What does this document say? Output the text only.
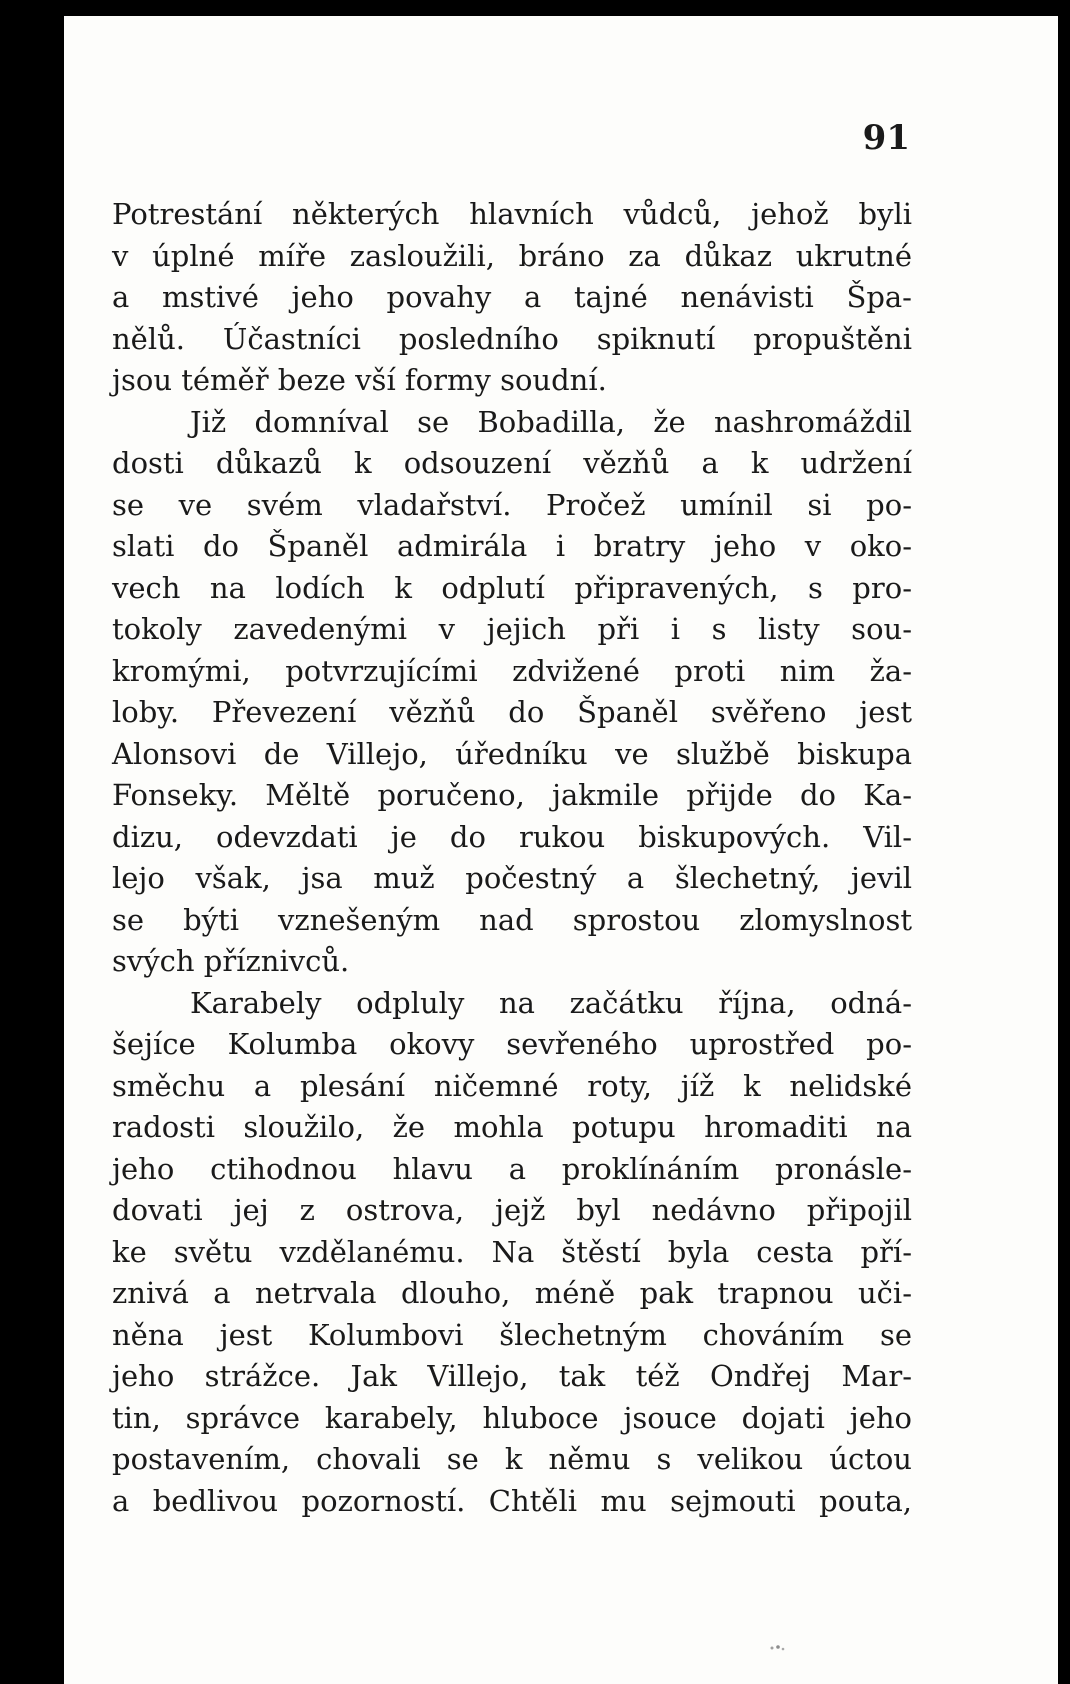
91
Potrestání některých hlavních vůdců, jehož byli
v úplné míře zasloužili, bráno za důkaz ukrutné
a mstivé jeho povahy a tajné nenávisti Špa-
nělů. Účastníci posledního spiknutí propuštěni
jsou téměř beze vší formy soudní.
Již domníval se Bobadilla, že nashromáždil
dosti důkazů k odsouzení vězňů a k udržení
se ve svém vladařství. Pročež umínil si po-
slati do Španěl admirála i bratry jeho v oko-
vech na lodích k odplutí připravených, s pro-
tokoly zavedenými v jejich při i s listy sou-
kromými, potvrzujícími zdvižené proti nim ža-
loby. Převezení vězňů do Španěl svěřeno jest
Alonsovi de Villejo, úředníku ve službě biskupa
Fonseky. Měltě poručeno, jakmile přijde do Ka-
dizu, odevzdati je do rukou biskupových. Vil-
lejo však, jsa muž počestný a šlechetný, jevil
se býti vznešeným nad sprostou zlomyslnost
svých příznivců.
Karabely odpluly na začátku října, odná-
šejíce Kolumba okovy sevřeného uprostřed po-
směchu a plesání ničemné roty, jíž k nelidské
radosti sloužilo, že mohla potupu hromaditi na
jeho ctihodnou hlavu a proklínáním pronásle-
dovati jej z ostrova, jejž byl nedávno připojil
ke světu vzdělanému. Na štěstí byla cesta pří-
znivá a netrvala dlouho, méně pak trapnou uči-
něna jest Kolumbovi šlechetným chováním se
jeho strážce. Jak Villejo, tak též Ondřej Mar-
tin, správce karabely, hluboce jsouce dojati jeho
postavením, chovali se k němu s velikou úctou
a bedlivou pozorností. Chtěli mu sejmouti pouta,
